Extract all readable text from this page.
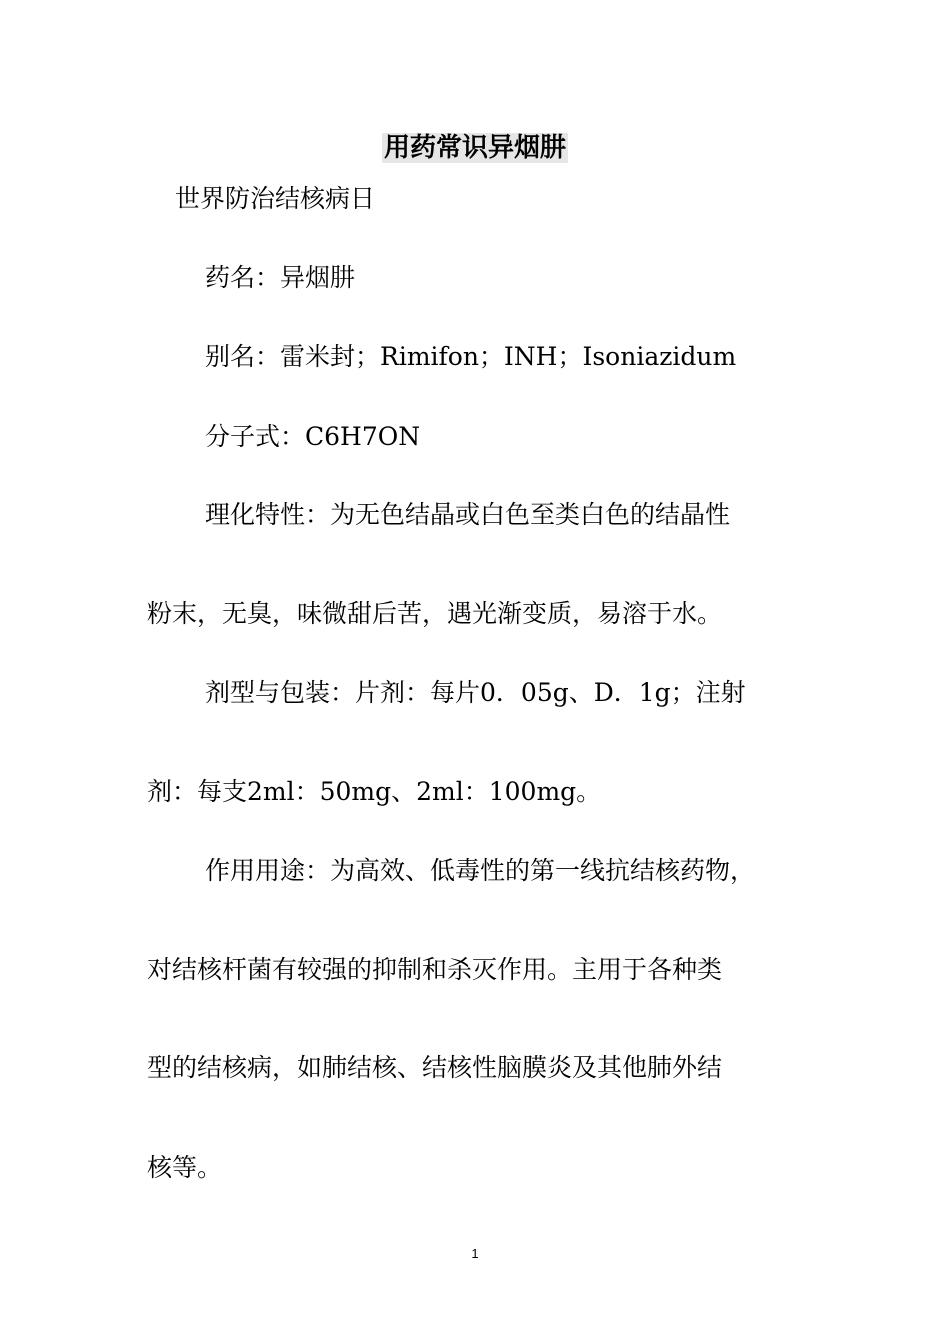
用药常识异烟肼
世界防治结核病日
药名：异烟肼
别名：雷米封；Rimifon；INH；Isoniazidum
分子式：C6H7ON
理化特性：为无色结晶或白色至类白色的结晶性
粉末，无臭，味微甜后苦，遇光渐变质，易溶于水。
剂型与包装：片剂：每片0．05g、D．1g；注射
剂：每支2ml：50mg、2ml：100mg。
作用用途：为高效、低毒性的第一线抗结核药物，
对结核杆菌有较强的抑制和杀灭作用。主用于各种类
型的结核病，如肺结核、结核性脑膜炎及其他肺外结
核等。
1
